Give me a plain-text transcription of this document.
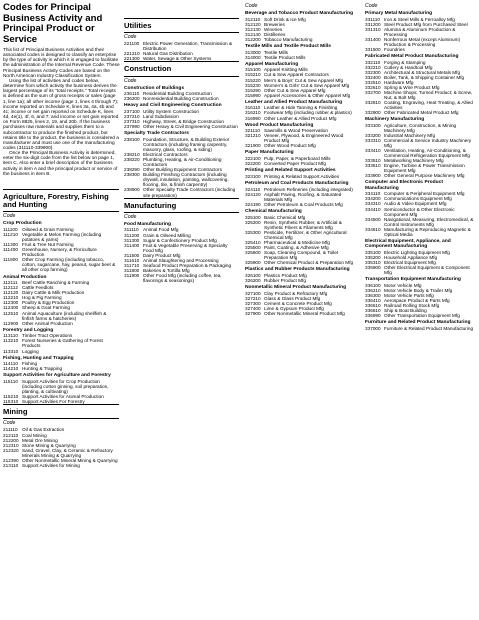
Codes for Principal Business Activity and Principal Product or Service

This list of Principal Business Activities and their associated codes is designed to classify an enterprise by the type of activity in which it is engaged to facilitate the administration of the Internal Revenue Code. These Principal Business Activity Codes are based on the North American Industry Classification System.

Using the list of activities and codes below, determine from which activity the business derives the largest percentage of its "total receipts." Total receipts is defined as the sum of gross receipts or sales (page 1, line 1a); all other income (page 1, lines 4 through 7); income reported on Schedule K, lines 3a, 4a, 4b and 4c; income or net gain reported on Schedule K, lines 4d, 4e(1), 4f, 6, and 7; and income or net gain reported on Form 8825, lines 2, 19, and 20b. If the business purchases raw materials and supplies them to a subcontractor to produce the finished product, but retains title to the product, the business is considered a manufacturer and must use one of the manufacturing codes (311110-339900).

Once the Principal Business Activity is determined, enter the six-digit code from the list below on page 1, item C. Also enter a brief description of the business activity in item A and the principal product or service of the business in item B.

Agriculture, Forestry, Fishing and Hunting
Code
Crop Production
111100 Oilseed & Grain Farming
111210 Vegetable & Melon Farming (including potatoes & yams)
111300 Fruit & Tree Nut Farming
111400 Greenhouse, Nursery, & Floriculture Production
111900 Other Crop Farming (including tobacco, cotton, sugarcane, hay, peanut, sugar beet & all other crop farming)
Animal Production
112111 Beef Cattle Ranching & Farming
112112 Cattle Feedlots
112120 Dairy Cattle & Milk Production
112210 Hog & Pig Farming
112300 Poultry & Egg Production
112400 Sheep & Goat Farming
112510 Animal Aquaculture (including shellfish & finfish farms & hatcheries)
112900 Other Animal Production
Forestry and Logging
113110 Timber Tract Operations
113210 Forest Nurseries & Gathering of Forest Products
113310 Logging
Fishing, Hunting and Trapping
114110 Fishing
114210 Hunting & Trapping
Support Activities for Agriculture and Forestry
115110 Support Activities for Crop Production (including cotton ginning, soil preparation, planting, & cultivating)
115210 Support Activities for Animal Production
115310 Support Activities For Forestry
Mining
Code
211110 Oil & Gas Extraction
212110 Coal Mining
212200 Metal Ore Mining
212310 Stone Mining & Quarrying
212320 Sand, Gravel, Clay, & Ceramic & Refractory Minerals Mining & Quarrying
212390 Other Nonmetallic Mineral Mining & Quarrying
213110 Support Activities for Mining
Utilities
Code
221100 Electric Power Generation, Transmission & Distribution
221210 Natural Gas Distribution
221300 Water, Sewage & Other Systems
Construction
Code
Construction of Buildings
236110 Residential Building Construction
236200 Nonresidential Building Construction
Heavy and Civil Engineering Construction
237100 Utility System Construction
237210 Land Subdivision
237310 Highway, Street, & Bridge Construction
237990 Other Heavy & Civil Engineering Construction
Specialty Trade Contractors
238100 Foundation, Structure, & Building Exterior Contractors (including framing carpentry, masonry, glass, roofing, & siding)
238210 Electrical Contractors
238220 Plumbing, Heating, & Air-Conditioning Contractors
238290 Other Building Equipment Contractors
238300 Building Finishing Contractors (including drywall, insulation, painting, wallcovering, flooring, tile, & finish carpentry)
238900 Other Specialty Trade Contractors (including site preparation)
Manufacturing
Code
Food Manufacturing
311110 Animal Food Mfg
311200 Grain & Oilseed Milling
311300 Sugar & Confectionery Product Mfg
311400 Fruit & Vegetable Preserving & Specialty Food Mfg
311500 Dairy Product Mfg
311610 Animal Slaughtering and Processing
311710 Seafood Product Preparation & Packaging
311800 Bakeries & Tortilla Mfg
311900 Other Food Mfg (including coffee, tea, flavorings & seasonings)
Code
Beverage and Tobacco Product Manufacturing
312110 Soft Drink & Ice Mfg
312120 Breweries
312130 Wineries
312140 Distilleries
312200 Tobacco Manufacturing
Textile Mills and Textile Product Mills
313000 Textile Mills
314000 Textile Product Mills
Apparel Manufacturing
315100 Apparel Knitting Mills
315210 Cut & Sew Apparel Contractors
315220 Men's & Boys' Cut & Sew Apparel Mfg
315230 Women's & Girls' Cut & Sew Apparel Mfg
315290 Other Cut & Sew Apparel Mfg
315990 Apparel Accessories & Other Apparel Mfg
Leather and Allied Product Manufacturing
316110 Leather & Hide Tanning & Finishing
316210 Footwear Mfg (including rubber & plastics)
316990 Other Leather & Allied Product Mfg
Wood Product Manufacturing
321110 Sawmills & Wood Preservation
321210 Veneer, Plywood, & Engineered Wood Product Mfg
321900 Other Wood Product Mfg
Paper Manufacturing
322100 Pulp, Paper, & Paperboard Mills
322200 Converted Paper Product Mfg
Printing and Related Support Activities
323100 Printing & Related Support Activities
Petroleum and Coal Products Manufacturing
324110 Petroleum Refineries (including integrated)
324120 Asphalt Paving, Roofing, & Saturated Materials Mfg
324190 Other Petroleum & Coal Products Mfg
Chemical Manufacturing
325100 Basic Chemical Mfg
325200 Resin, Synthetic Rubber, & Artificial & Synthetic Fibers & Filaments Mfg
325300 Pesticide, Fertilizer, & Other Agricultural Chemical Mfg
325410 Pharmaceutical & Medicine Mfg
325500 Paint, Coating, & Adhesive Mfg
325600 Soap, Cleaning Compound, & Toilet Preparation Mfg
325900 Other Chemical Product & Preparation Mfg
Plastics and Rubber Products Manufacturing
326100 Plastics Product Mfg
326200 Rubber Product Mfg
Nonmetallic Mineral Product Manufacturing
327100 Clay Product & Refractory Mfg
327210 Glass & Glass Product Mfg
327300 Cement & Concrete Product Mfg
327400 Lime & Gypsum Product Mfg
327900 Other Nonmetallic Mineral Product Mfg
Code
Primary Metal Manufacturing
331110 Iron & Steel Mills & Ferroalloy Mfg
331200 Steel Product Mfg from Purchased Steel
331310 Alumina & Aluminum Production & Processing
331400 Nonferrous Metal (except Aluminum) Production & Processing
331500 Foundries
Fabricated Metal Product Manufacturing
332110 Forging & Stamping
332210 Cutlery & Handtool Mfg
332300 Architectural & Structural Metals Mfg
332400 Boiler, Tank, & Shipping Container Mfg
332510 Hardware Mfg
332610 Spring & Wire Product Mfg
332700 Machine Shops; Turned Product; & Screw, Nut, & Bolt Mfg
332810 Coating, Engraving, Heat Treating, & Allied Activities
332900 Other Fabricated Metal Product Mfg
Machinery Manufacturing
333100 Agriculture, Construction, & Mining Machinery Mfg
333200 Industrial Machinery Mfg
333310 Commercial & Service Industry Machinery Mfg
333410 Ventilation, Heating, Air-Conditioning, & Commercial Refrigeration Equipment Mfg
333510 Metalworking Machinery Mfg
333610 Engine, Turbine & Power Transmission Equipment Mfg
333900 Other General Purpose Machinery Mfg
Computer and Electronic Product Manufacturing
334110 Computer & Peripheral Equipment Mfg
334200 Communications Equipment Mfg
334310 Audio & Video Equipment Mfg
334410 Semiconductor & Other Electronic Component Mfg
334500 Navigational, Measuring, Electromedical, & Control Instruments Mfg
334610 Manufacturing & Reproducing Magnetic & Optical Media
Electrical Equipment, Appliance, and Component Manufacturing
335100 Electric Lighting Equipment Mfg
335200 Household Appliance Mfg
335310 Electrical Equipment Mfg
335900 Other Electrical Equipment & Component Mfg
Transportation Equipment Manufacturing
336100 Motor Vehicle Mfg
336210 Motor Vehicle Body & Trailer Mfg
336300 Motor Vehicle Parts Mfg
336410 Aerospace Product & Parts Mfg
336510 Railroad Rolling Stock Mfg
336610 Ship & Boat Building
336990 Other Transportation Equipment Mfg
Furniture and Related Product Manufacturing
337000 Furniture & Related Product Manufacturing
